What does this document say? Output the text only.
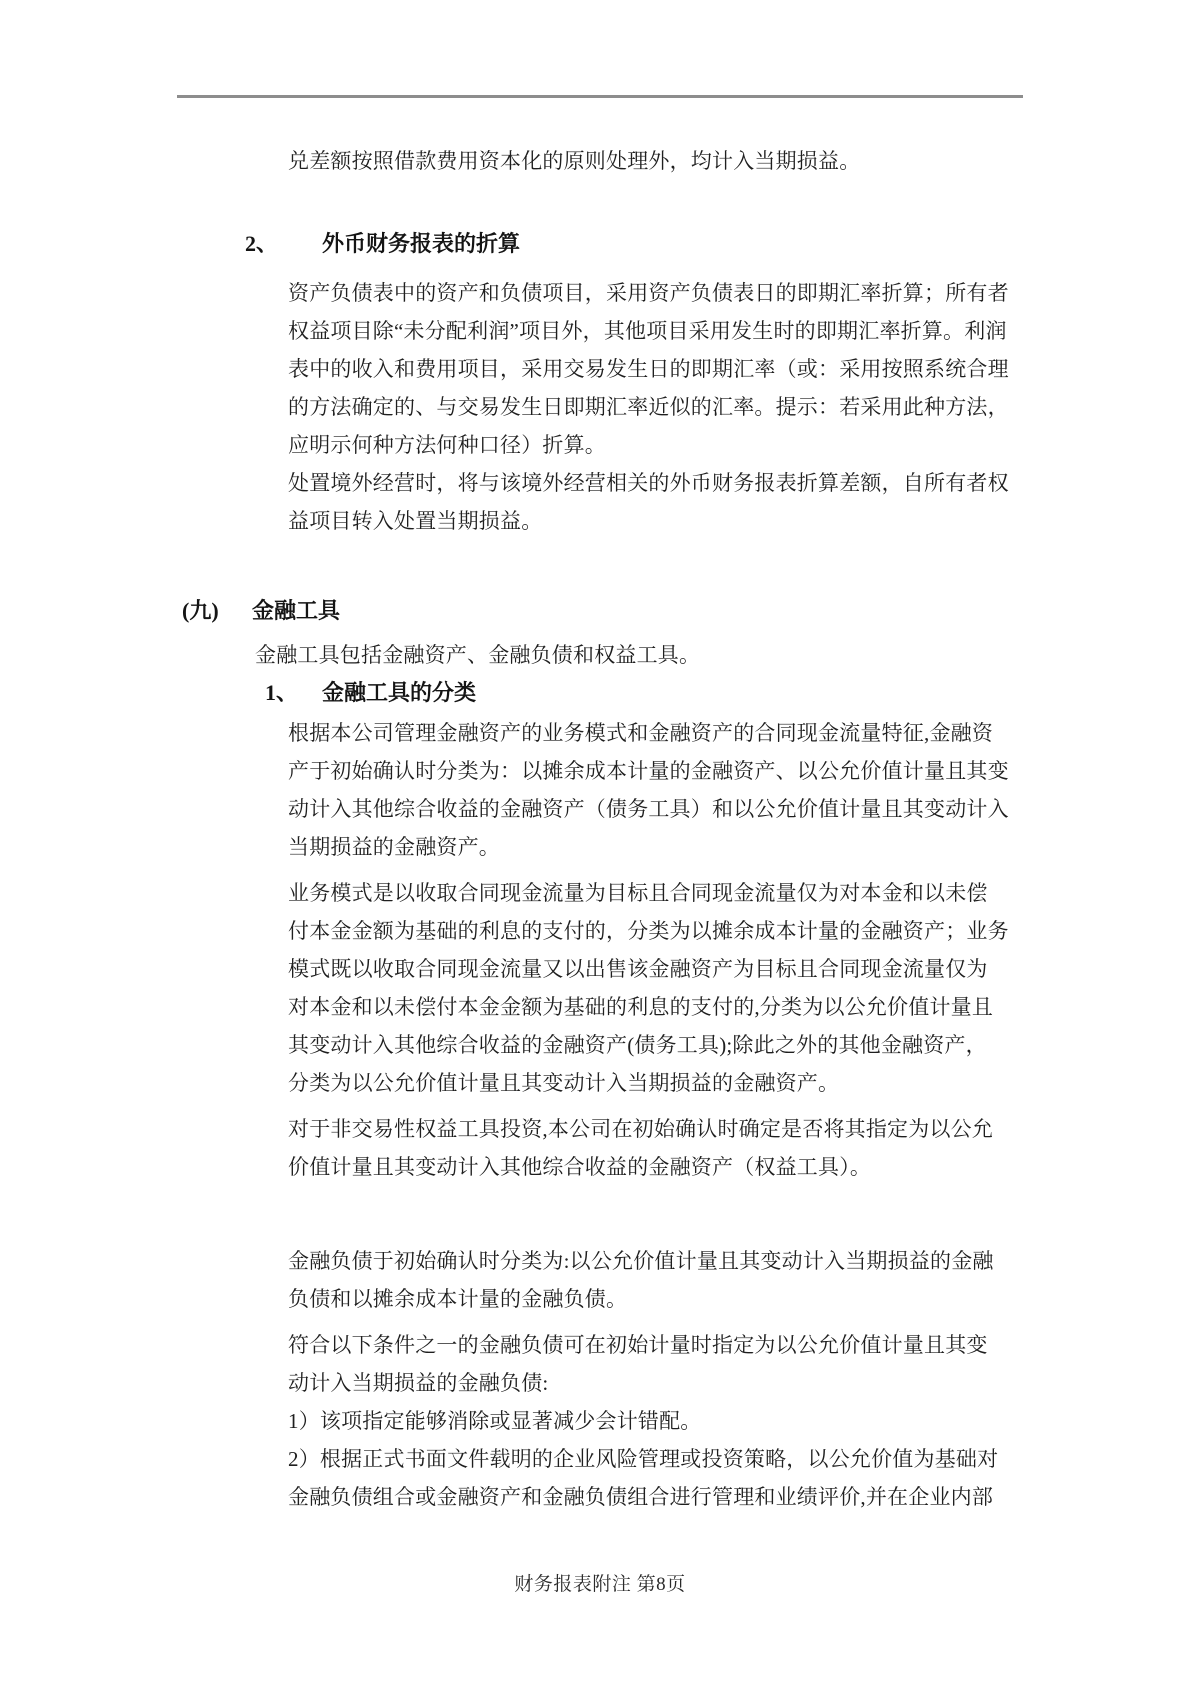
兑差额按照借款费用资本化的原则处理外，均计入当期损益。
2、 外币财务报表的折算
资产负债表中的资产和负债项目，采用资产负债表日的即期汇率折算；所有者
权益项目除“未分配利润”项目外，其他项目采用发生时的即期汇率折算。利润
表中的收入和费用项目，采用交易发生日的即期汇率（或：采用按照系统合理
的方法确定的、与交易发生日即期汇率近似的汇率。提示：若采用此种方法，
应明示何种方法何种口径）折算。
处置境外经营时，将与该境外经营相关的外币财务报表折算差额，自所有者权
益项目转入处置当期损益。
(九) 金融工具
金融工具包括金融资产、金融负债和权益工具。
1、 金融工具的分类
根据本公司管理金融资产的业务模式和金融资产的合同现金流量特征,金融资
产于初始确认时分类为：以摊余成本计量的金融资产、以公允价值计量且其变
动计入其他综合收益的金融资产（债务工具）和以公允价值计量且其变动计入
当期损益的金融资产。
业务模式是以收取合同现金流量为目标且合同现金流量仅为对本金和以未偿
付本金金额为基础的利息的支付的，分类为以摊余成本计量的金融资产；业务
模式既以收取合同现金流量又以出售该金融资产为目标且合同现金流量仅为
对本金和以未偿付本金金额为基础的利息的支付的,分类为以公允价值计量且
其变动计入其他综合收益的金融资产(债务工具);除此之外的其他金融资产，
分类为以公允价值计量且其变动计入当期损益的金融资产。
对于非交易性权益工具投资,本公司在初始确认时确定是否将其指定为以公允
价值计量且其变动计入其他综合收益的金融资产（权益工具）。
金融负债于初始确认时分类为:以公允价值计量且其变动计入当期损益的金融
负债和以摊余成本计量的金融负债。
符合以下条件之一的金融负债可在初始计量时指定为以公允价值计量且其变
动计入当期损益的金融负债:
1）该项指定能够消除或显著减少会计错配。
2）根据正式书面文件载明的企业风险管理或投资策略，以公允价值为基础对
金融负债组合或金融资产和金融负债组合进行管理和业绩评价,并在企业内部
财务报表附注 第8页
